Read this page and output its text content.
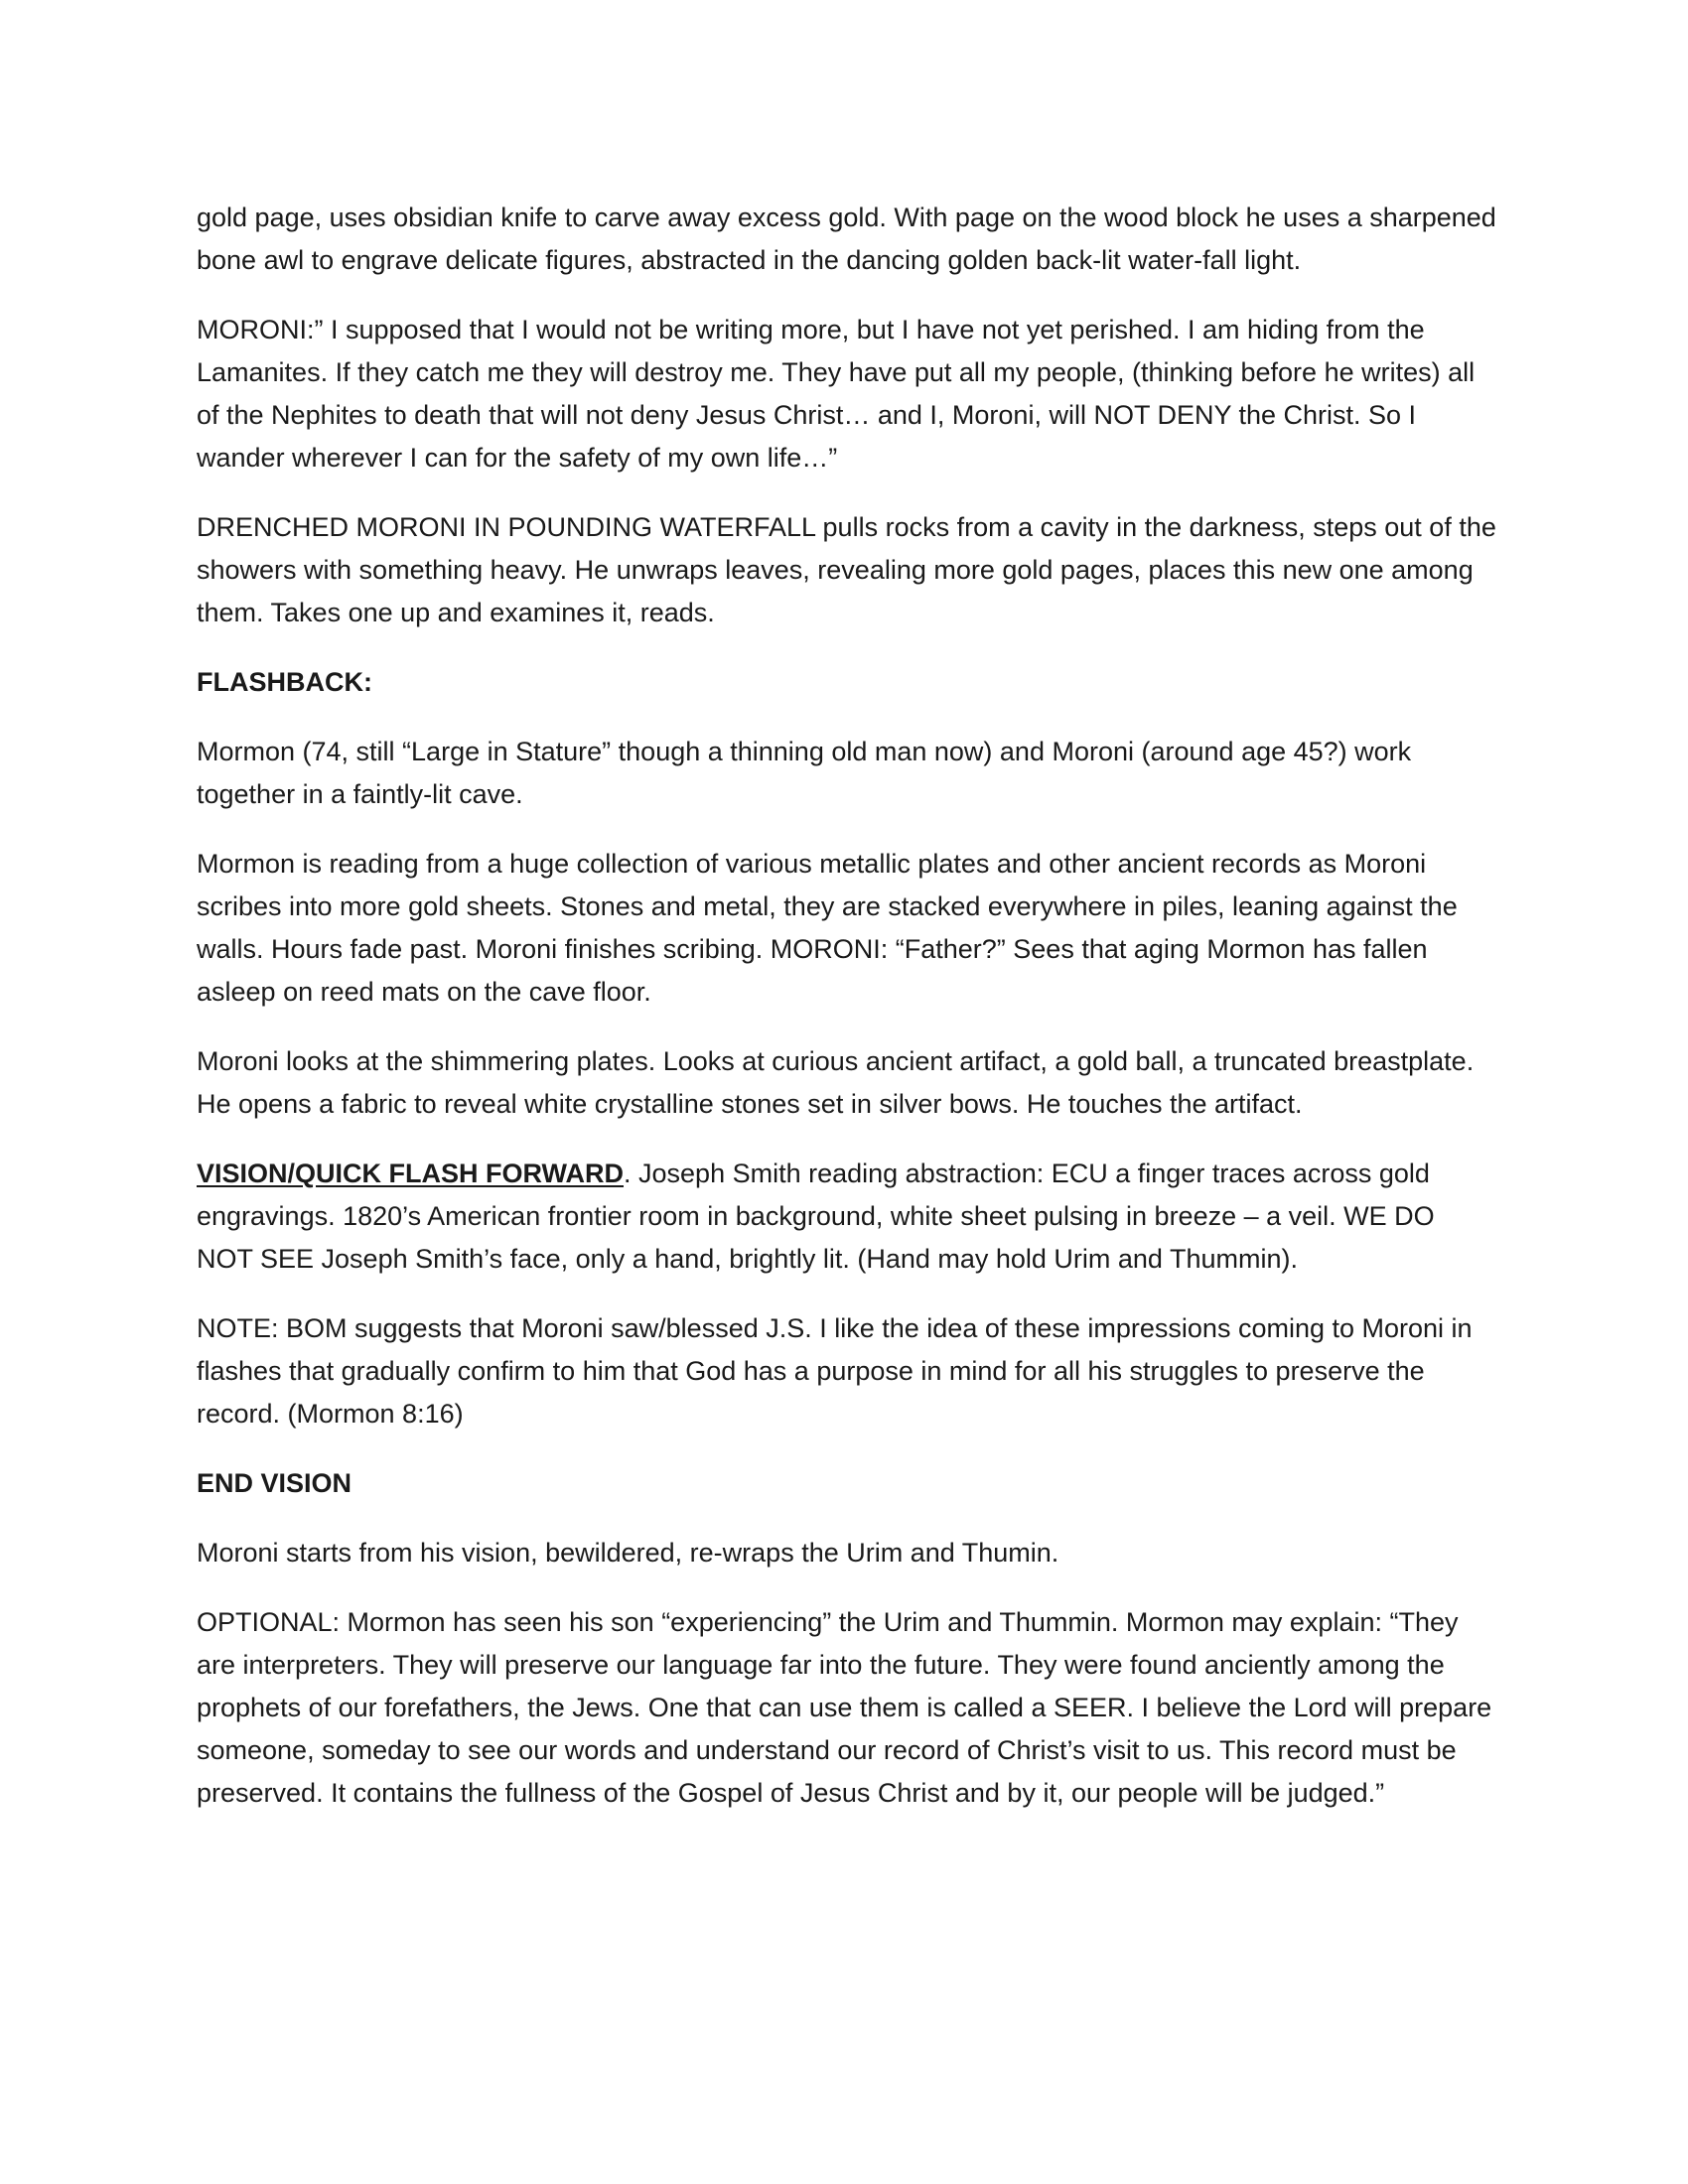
gold page, uses obsidian knife to carve away excess gold. With page on the wood block he uses a sharpened bone awl to engrave delicate figures, abstracted in the dancing golden back-lit water-fall light.

MORONI:” I supposed that I would not be writing more, but I have not yet perished. I am hiding from the Lamanites. If they catch me they will destroy me. They have put all my people, (thinking before he writes) all of the Nephites to death that will not deny Jesus Christ… and I, Moroni, will NOT DENY the Christ. So I wander wherever I can for the safety of my own life…”

DRENCHED MORONI IN POUNDING WATERFALL pulls rocks from a cavity in the darkness, steps out of the showers with something heavy. He unwraps leaves, revealing more gold pages, places this new one among them. Takes one up and examines it, reads.

FLASHBACK:

Mormon (74, still “Large in Stature” though a thinning old man now) and Moroni (around age 45?) work together in a faintly-lit cave.

Mormon is reading from a huge collection of various metallic plates and other ancient records as Moroni scribes into more gold sheets. Stones and metal, they are stacked everywhere in piles, leaning against the walls. Hours fade past. Moroni finishes scribing. MORONI: “Father?” Sees that aging Mormon has fallen asleep on reed mats on the cave floor.

Moroni looks at the shimmering plates. Looks at curious ancient artifact, a gold ball, a truncated breastplate. He opens a fabric to reveal white crystalline stones set in silver bows. He touches the artifact.

VISION/QUICK FLASH FORWARD. Joseph Smith reading abstraction: ECU a finger traces across gold engravings. 1820’s American frontier room in background, white sheet pulsing in breeze – a veil. WE DO NOT SEE Joseph Smith’s face, only a hand, brightly lit. (Hand may hold Urim and Thummin).

NOTE: BOM suggests that Moroni saw/blessed J.S. I like the idea of these impressions coming to Moroni in flashes that gradually confirm to him that God has a purpose in mind for all his struggles to preserve the record. (Mormon 8:16)

END VISION

Moroni starts from his vision, bewildered, re-wraps the Urim and Thumin.

OPTIONAL: Mormon has seen his son “experiencing” the Urim and Thummin. Mormon may explain: “They are interpreters. They will preserve our language far into the future. They were found anciently among the prophets of our forefathers, the Jews. One that can use them is called a SEER. I believe the Lord will prepare someone, someday to see our words and understand our record of Christ’s visit to us. This record must be preserved. It contains the fullness of the Gospel of Jesus Christ and by it, our people will be judged.”
